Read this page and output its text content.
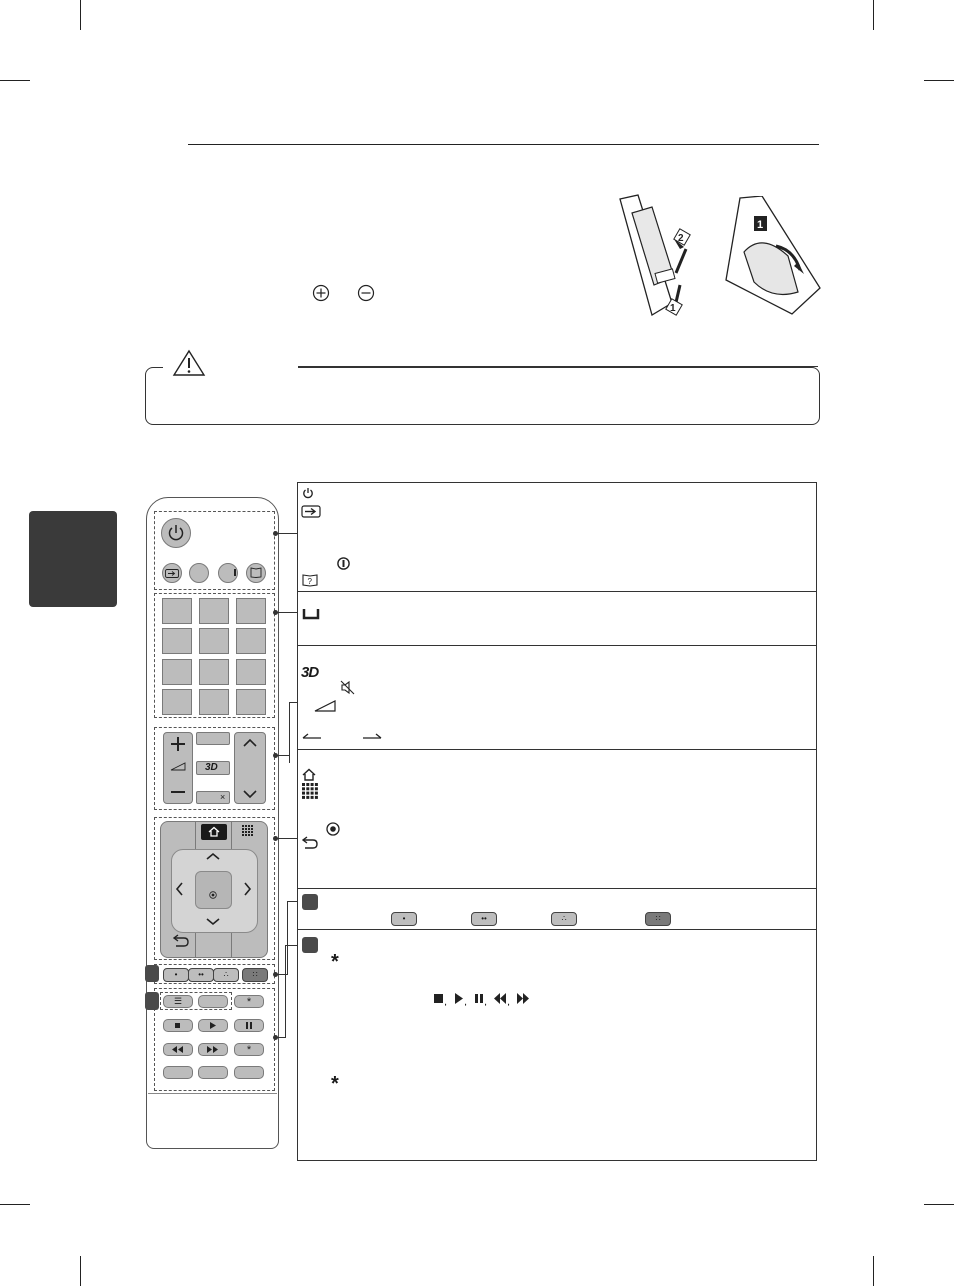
2
1
1
?
3D
•	••	∴	∷
*
, , , ,
*
3D
×
•	••	∴	∷
☰	*
*
